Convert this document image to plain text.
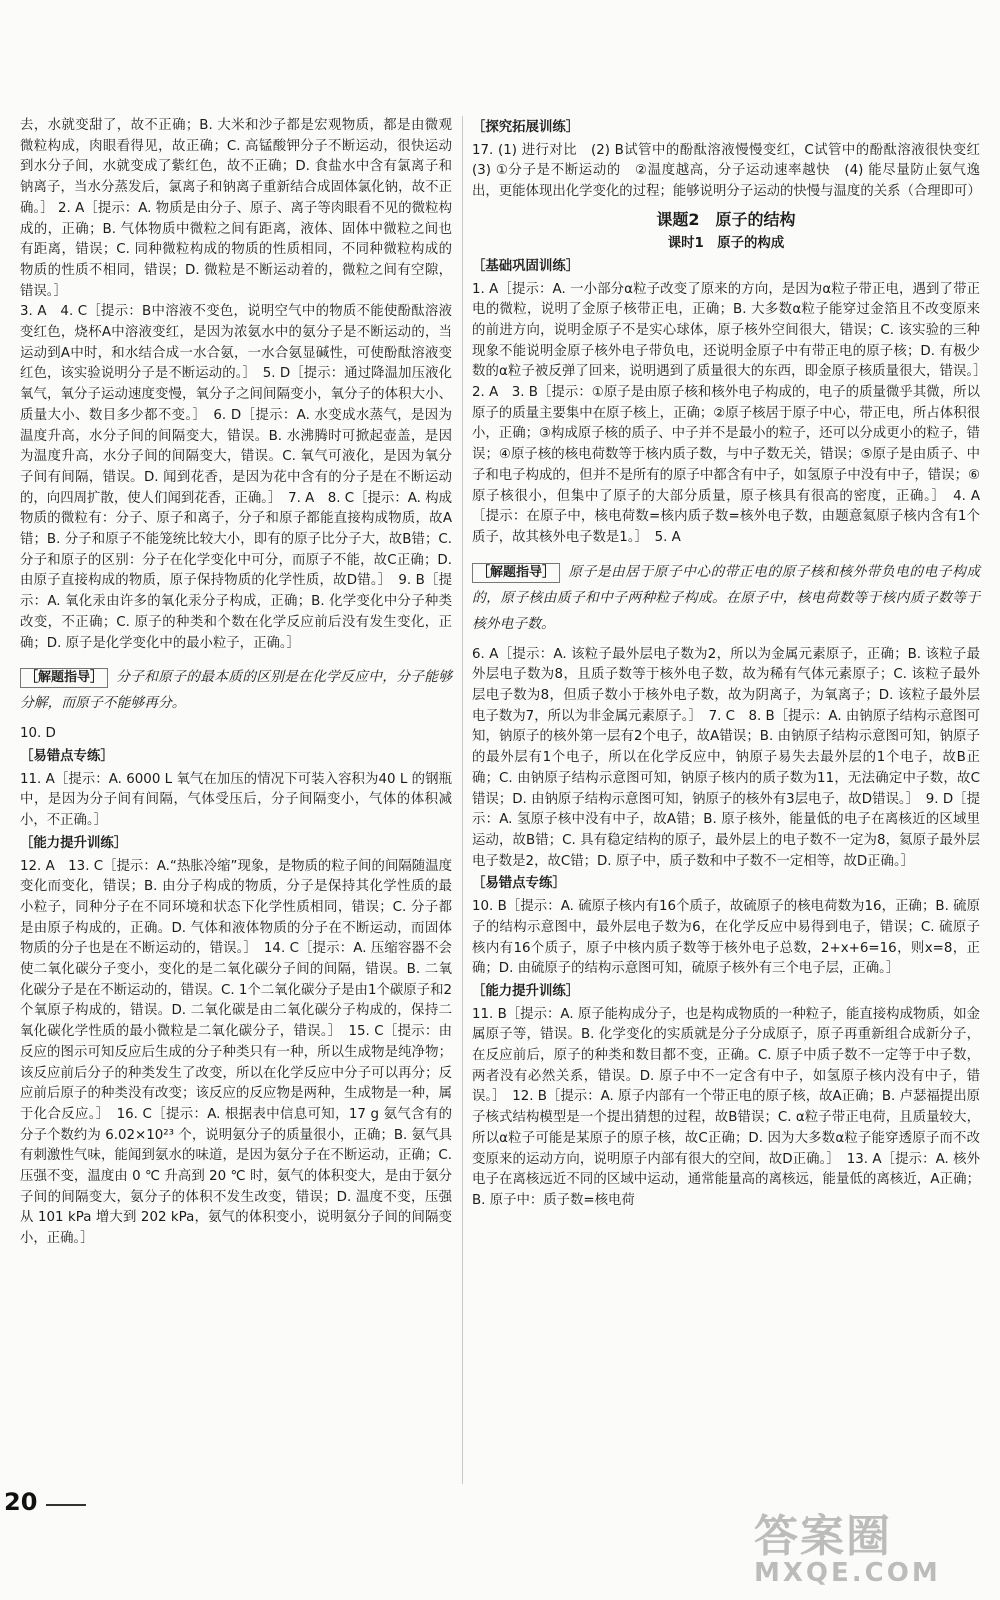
去，水就变甜了，故不正确；B. 大米和沙子都是宏观物质，都是由微观微粒构成，肉眼看得见，故正确；C. 高锰酸钾分子不断运动，很快运动到水分子间，水就变成了紫红色，故不正确；D. 食盐水中含有氯离子和钠离子，当水分蒸发后，氯离子和钠离子重新结合成固体氯化钠，故不正确。］ 2. A［提示：A. 物质是由分子、原子、离子等肉眼看不见的微粒构成的，正确；B. 气体物质中微粒之间有距离，液体、固体中微粒之间也有距离，错误；C. 同种微粒构成的物质的性质相同，不同种微粒构成的物质的性质不相同，错误；D. 微粒是不断运动着的，微粒之间有空隙，错误。］

3. A　4. C［提示：B中溶液不变色，说明空气中的物质不能使酚酞溶液变红色，烧杯A中溶液变红，是因为浓氨水中的氨分子是不断运动的，当运动到A中时，和水结合成一水合氨，一水合氨显碱性，可使酚酞溶液变红色，该实验说明分子是不断运动的。］　5. D［提示：通过降温加压液化氧气，氧分子运动速度变慢，氧分子之间间隔变小，氧分子的体积大小、质量大小、数目多少都不变。］　6. D［提示：A. 水变成水蒸气，是因为温度升高，水分子间的间隔变大，错误。B. 水沸腾时可掀起壶盖，是因为温度升高，水分子间的间隔变大，错误。C. 氧气可液化，是因为氧分子间有间隔，错误。D. 闻到花香，是因为花中含有的分子是在不断运动的，向四周扩散，使人们闻到花香，正确。］　7. A　8. C［提示：A. 构成物质的微粒有：分子、原子和离子，分子和原子都能直接构成物质，故A错；B. 分子和原子不能笼统比较大小，即有的原子比分子大，故B错；C. 分子和原子的区别：分子在化学变化中可分，而原子不能，故C正确；D. 由原子直接构成的物质，原子保持物质的化学性质，故D错。］　9. B［提示：A. 氧化汞由许多的氧化汞分子构成，正确；B. 化学变化中分子种类改变，不正确；C. 原子的种类和个数在化学反应前后没有发生变化，正确；D. 原子是化学变化中的最小粒子，正确。］

［解题指导］ 分子和原子的最本质的区别是在化学反应中，分子能够分解，而原子不能够再分。

10. D

［易错点专练］

11. A［提示：A. 6000 L 氧气在加压的情况下可装入容积为40 L 的钢瓶中，是因为分子间有间隔，气体受压后，分子间隔变小，气体的体积减小，不正确。］

［能力提升训练］

12. A　13. C［提示：A.“热胀冷缩”现象，是物质的粒子间的间隔随温度变化而变化，错误；B. 由分子构成的物质，分子是保持其化学性质的最小粒子，同种分子在不同环境和状态下化学性质相同，错误；C. 分子都是由原子构成的，正确。D. 气体和液体物质的分子在不断运动，而固体物质的分子也是在不断运动的，错误。］　14. C［提示：A. 压缩容器不会使二氧化碳分子变小，变化的是二氧化碳分子间的间隔，错误。B. 二氧化碳分子是在不断运动的，错误。C. 1个二氧化碳分子是由1个碳原子和2个氧原子构成的，错误。D. 二氧化碳是由二氧化碳分子构成的，保持二氧化碳化学性质的最小微粒是二氧化碳分子，错误。］　15. C［提示：由反应的图示可知反应后生成的分子种类只有一种，所以生成物是纯净物；该反应前后分子的种类发生了改变，所以在化学反应中分子可以再分；反应前后原子的种类没有改变；该反应的反应物是两种，生成物是一种，属于化合反应。］　16. C［提示：A. 根据表中信息可知，17 g 氨气含有的分子个数约为 6.02×10²³ 个，说明氨分子的质量很小，正确；B. 氨气具有刺激性气味，能闻到氨水的味道，是因为氨分子在不断运动，正确；C. 压强不变，温度由 0 ℃ 升高到 20 ℃ 时，氨气的体积变大，是由于氨分子间的间隔变大，氨分子的体积不发生改变，错误；D. 温度不变，压强从 101 kPa 增大到 202 kPa，氨气的体积变小，说明氨分子间的间隔变小，正确。］

［探究拓展训练］

17. (1) 进行对比　(2) B试管中的酚酞溶液慢慢变红，C试管中的酚酞溶液很快变红　(3) ①分子是不断运动的　②温度越高，分子运动速率越快　(4) 能尽量防止氨气逸出，更能体现出化学变化的过程；能够说明分子运动的快慢与温度的关系（合理即可）

课题2　原子的结构
课时1　原子的构成
［基础巩固训练］

1. A［提示：A. 一小部分α粒子改变了原来的方向，是因为α粒子带正电，遇到了带正电的微粒，说明了金原子核带正电，正确；B. 大多数α粒子能穿过金箔且不改变原来的前进方向，说明金原子不是实心球体，原子核外空间很大，错误；C. 该实验的三种现象不能说明金原子核外电子带负电，还说明金原子中有带正电的原子核；D. 有极少数的α粒子被反弹了回来，说明遇到了质量很大的东西，即金原子核质量很大，错误。］　2. A　3. B［提示：①原子是由原子核和核外电子构成的，电子的质量微乎其微，所以原子的质量主要集中在原子核上，正确；②原子核居于原子中心，带正电，所占体积很小，正确；③构成原子核的质子、中子并不是最小的粒子，还可以分成更小的粒子，错误；④原子核的核电荷数等于核内质子数，与中子数无关，错误；⑤原子是由质子、中子和电子构成的，但并不是所有的原子中都含有中子，如氢原子中没有中子，错误；⑥原子核很小，但集中了原子的大部分质量，原子核具有很高的密度，正确。］　4. A［提示：在原子中，核电荷数=核内质子数=核外电子数，由题意氦原子核内含有1个质子，故其核外电子数是1。］　5. A

［解题指导］ 原子是由居于原子中心的带正电的原子核和核外带负电的电子构成的，原子核由质子和中子两种粒子构成。在原子中，核电荷数等于核内质子数等于核外电子数。

6. A［提示：A. 该粒子最外层电子数为2，所以为金属元素原子，正确；B. 该粒子最外层电子数为8，且质子数等于核外电子数，故为稀有气体元素原子；C. 该粒子最外层电子数为8，但质子数小于核外电子数，故为阴离子，为氧离子；D. 该粒子最外层电子数为7，所以为非金属元素原子。］　7. C　8. B［提示：A. 由钠原子结构示意图可知，钠原子的核外第一层有2个电子，故A错误；B. 由钠原子结构示意图可知，钠原子的最外层有1个电子，所以在化学反应中，钠原子易失去最外层的1个电子，故B正确；C. 由钠原子结构示意图可知，钠原子核内的质子数为11，无法确定中子数，故C错误；D. 由钠原子结构示意图可知，钠原子的核外有3层电子，故D错误。］　9. D［提示：A. 氢原子核中没有中子，故A错；B. 原子核外，能量低的电子在离核近的区域里运动，故B错；C. 具有稳定结构的原子，最外层上的电子数不一定为8，氦原子最外层电子数是2，故C错；D. 原子中，质子数和中子数不一定相等，故D正确。］

［易错点专练］

10. B［提示：A. 硫原子核内有16个质子，故硫原子的核电荷数为16，正确；B. 硫原子的结构示意图中，最外层电子数为6，在化学反应中易得到电子，错误；C. 硫原子核内有16个质子，原子中核内质子数等于核外电子总数，2+x+6=16，则x=8，正确；D. 由硫原子的结构示意图可知，硫原子核外有三个电子层，正确。］

［能力提升训练］

11. B［提示：A. 原子能构成分子，也是构成物质的一种粒子，能直接构成物质，如金属原子等，错误。B. 化学变化的实质就是分子分成原子，原子再重新组合成新分子，在反应前后，原子的种类和数目都不变，正确。C. 原子中质子数不一定等于中子数，两者没有必然关系，错误。D. 原子中不一定含有中子，如氢原子核内没有中子，错误。］　12. B［提示：A. 原子内部有一个带正电的原子核，故A正确；B. 卢瑟福提出原子核式结构模型是一个提出猜想的过程，故B错误；C. α粒子带正电荷，且质量较大，所以α粒子可能是某原子的原子核，故C正确；D. 因为大多数α粒子能穿透原子而不改变原来的运动方向，说明原子内部有很大的空间，故D正确。］　13. A［提示：A. 核外电子在离核远近不同的区域中运动，通常能量高的离核远，能量低的离核近，A正确；B. 原子中：质子数=核电荷

20
答案圈
MXQE.COM
